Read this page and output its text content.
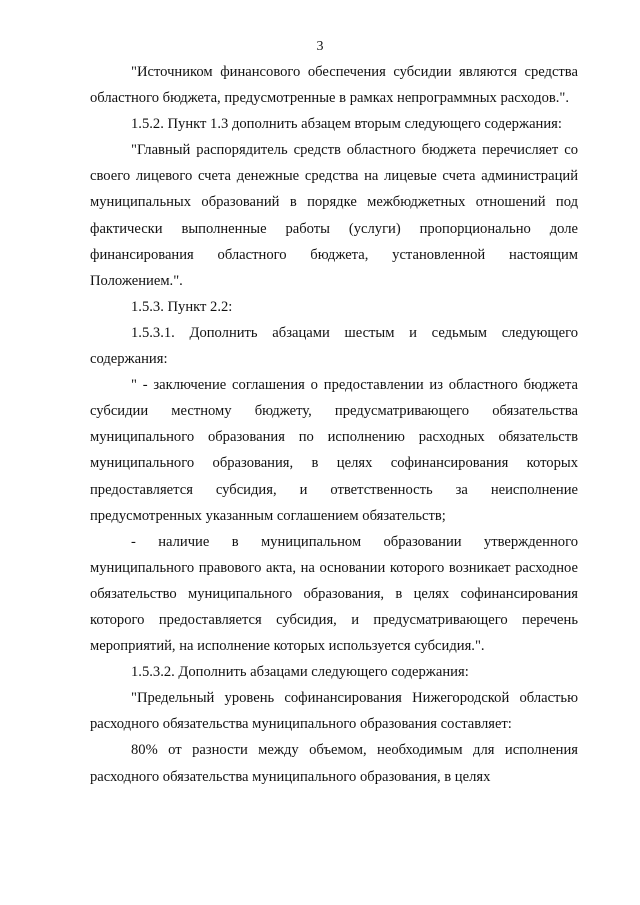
3

"Источником финансового обеспечения субсидии являются средства областного бюджета, предусмотренные в рамках непрограммных расходов.".

1.5.2. Пункт 1.3 дополнить абзацем вторым следующего содержания:

"Главный распорядитель средств областного бюджета перечисляет со своего лицевого счета денежные средства на лицевые счета администраций муниципальных образований в порядке межбюджетных отношений под фактически выполненные работы (услуги) пропорционально доле финансирования областного бюджета, установленной настоящим Положением.".

1.5.3. Пункт 2.2:

1.5.3.1. Дополнить абзацами шестым и седьмым следующего содержания:

" - заключение соглашения о предоставлении из областного бюджета субсидии местному бюджету, предусматривающего обязательства муниципального образования по исполнению расходных обязательств муниципального образования, в целях софинансирования которых предоставляется субсидия, и ответственность за неисполнение предусмотренных указанным соглашением обязательств;

- наличие в муниципальном образовании утвержденного муниципального правового акта, на основании которого возникает расходное обязательство муниципального образования, в целях софинансирования которого предоставляется субсидия, и предусматривающего перечень мероприятий, на исполнение которых используется субсидия.".

1.5.3.2. Дополнить абзацами следующего содержания:

"Предельный уровень софинансирования Нижегородской областью расходного обязательства муниципального образования составляет:

80% от разности между объемом, необходимым для исполнения расходного обязательства муниципального образования, в целях
